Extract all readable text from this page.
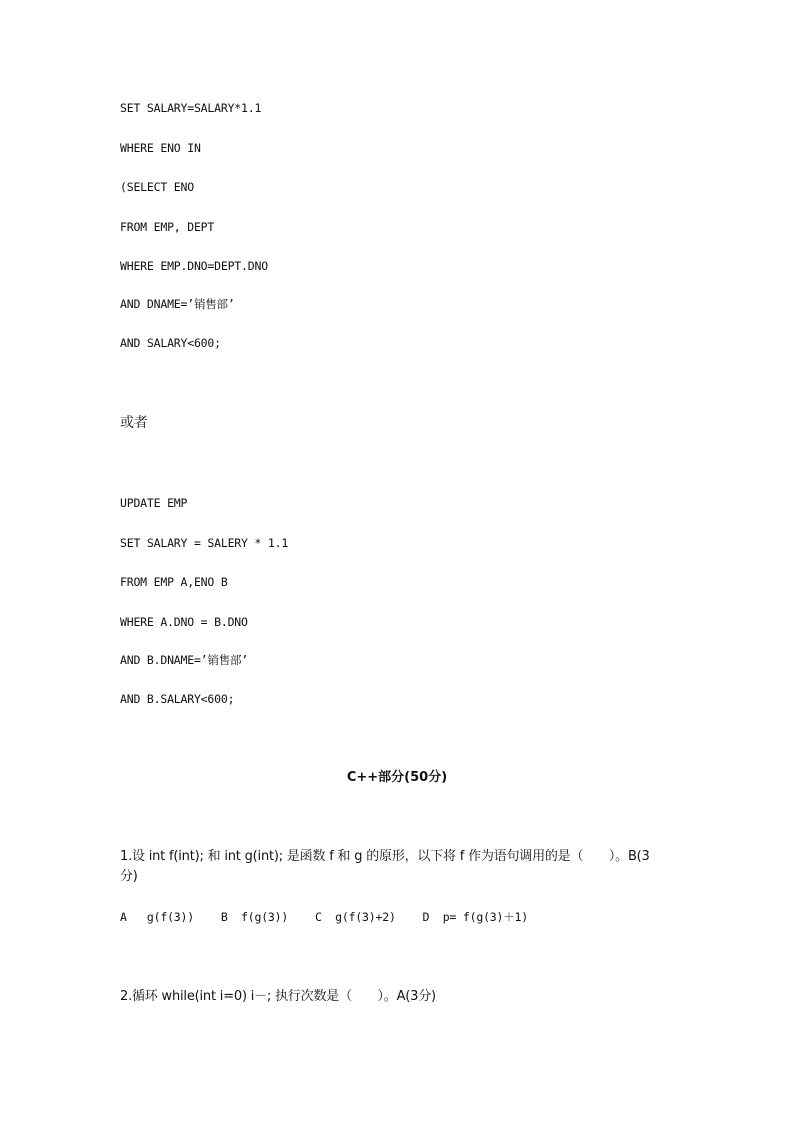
SET SALARY=SALARY*1.1
WHERE ENO IN
(SELECT ENO
FROM EMP, DEPT
WHERE EMP.DNO=DEPT.DNO
AND DNAME=’销售部’
AND SALARY<600;
或者
UPDATE EMP
SET SALARY = SALERY * 1.1
FROM EMP A,ENO B
WHERE A.DNO = B.DNO
AND B.DNAME=’销售部’
AND B.SALARY<600;
C++部分(50分)
1.设 int f(int); 和 int g(int); 是函数 f 和 g 的原形，以下将 f 作为语句调用的是（　　）。B(3分)
A   g(f(3))    B  f(g(3))    C  g(f(3)+2)    D  p= f(g(3)＋1)
2.循环 while(int i=0) i－; 执行次数是（　　）。A(3分)
